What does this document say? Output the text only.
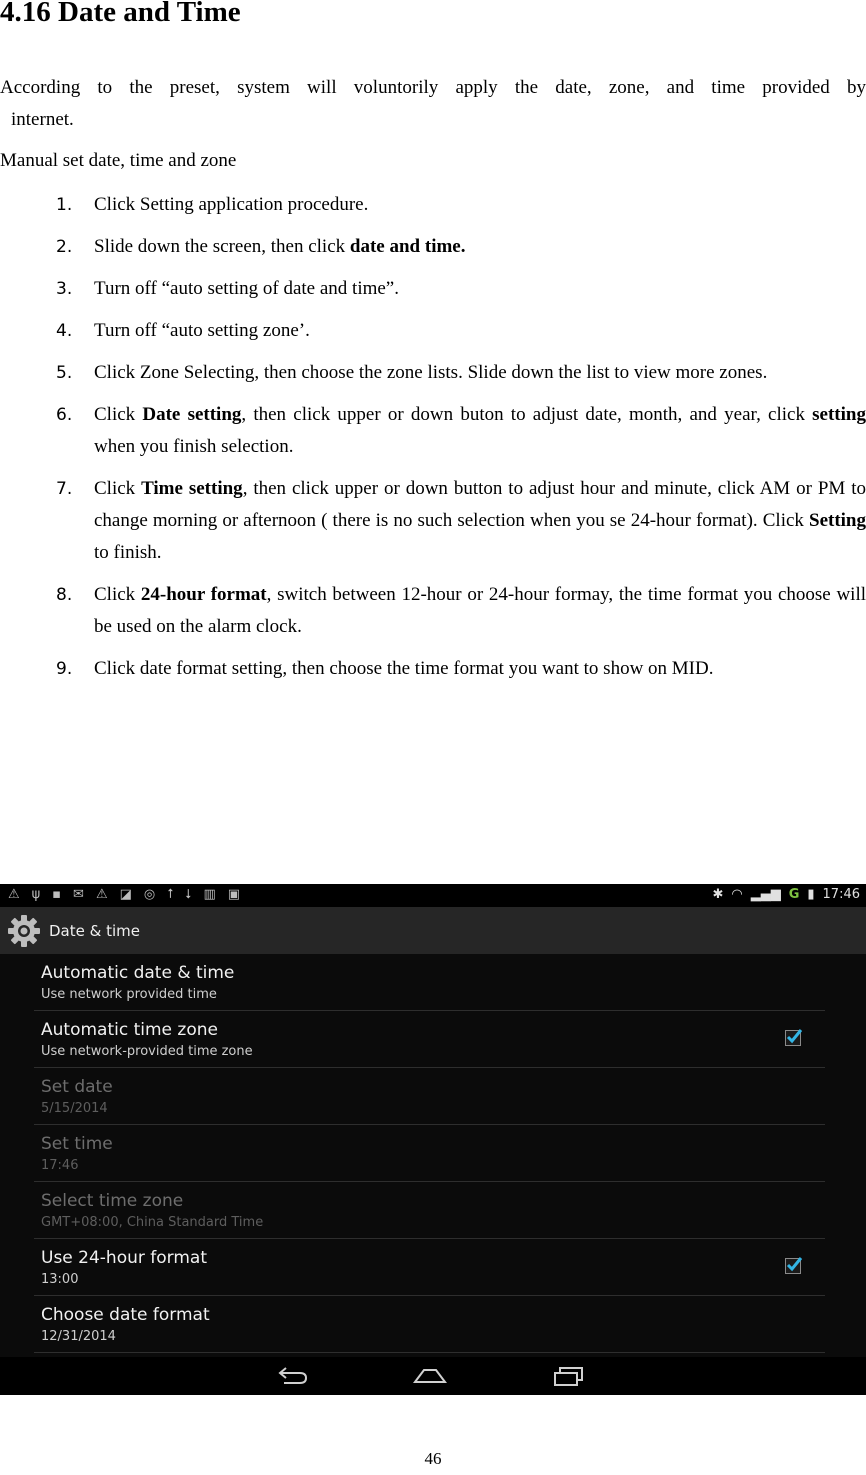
4.16 Date and Time

According to the preset, system will voluntorily apply the date, zone, and time provided by

internet.

Manual set date, time and zone

1. Click Setting application procedure.
2. Slide down the screen, then click date and time.
3. Turn off “auto setting of date and time”.
4. Turn off “auto setting zone’.
5. Click Zone Selecting, then choose the zone lists. Slide down the list to view more zones.
6. Click Date setting, then click upper or down buton to adjust date, month, and year, click setting when you finish selection.
7. Click Time setting, then click upper or down button to adjust hour and minute, click AM or PM to change morning or afternoon ( there is no such selection when you se 24-hour format). Click Setting to finish.
8. Click 24-hour format, switch between 12-hour or 24-hour formay, the time format you choose will be used on the alarm clock.
9. Click date format setting, then choose the time format you want to show on MID.
⚠ ψ ▪ ✉ ⚠ ◪ ◎ ⭡ ⭣ ▥ ▣	✱ ◠ ▂▄▆ G ▮ 17:46
Date & time
Automatic date & time
Use network provided time
Automatic time zone
Use network-provided time zone
Set date
5/15/2014
Set time
17:46
Select time zone
GMT+08:00, China Standard Time
Use 24-hour format
13:00
Choose date format
12/31/2014
46
